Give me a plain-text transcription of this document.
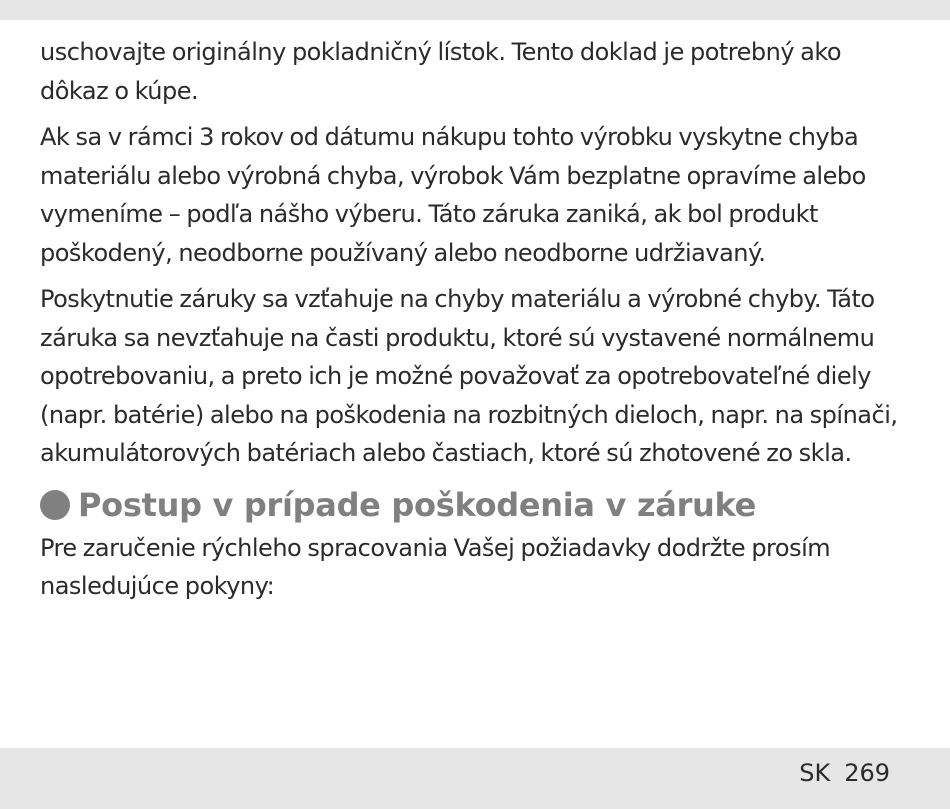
uschovajte originálny pokladničný lístok. Tento doklad je potrebný ako dôkaz o kúpe.

Ak sa v rámci 3 rokov od dátumu nákupu tohto výrobku vyskytne chyba materiálu alebo výrobná chyba, výrobok Vám bezplatne opravíme alebo vymeníme – podľa nášho výberu. Táto záruka zaniká, ak bol produkt poškodený, neodborne používaný alebo neodborne udržiavaný.

Poskytnutie záruky sa vzťahuje na chyby materiálu a výrobné chyby. Táto záruka sa nevzťahuje na časti produktu, ktoré sú vystavené normálnemu opotrebovaniu, a preto ich je možné považovať za opotrebovateľné diely (napr. batérie) alebo na poškodenia na rozbitných dieloch, napr. na spínači, akumulátorových batériach alebo častiach, ktoré sú zhotovené zo skla.

Postup v prípade poškodenia v záruke

Pre zaručenie rýchleho spracovania Vašej požiadavky dodržte prosím nasledujúce pokyny:

SK 269
